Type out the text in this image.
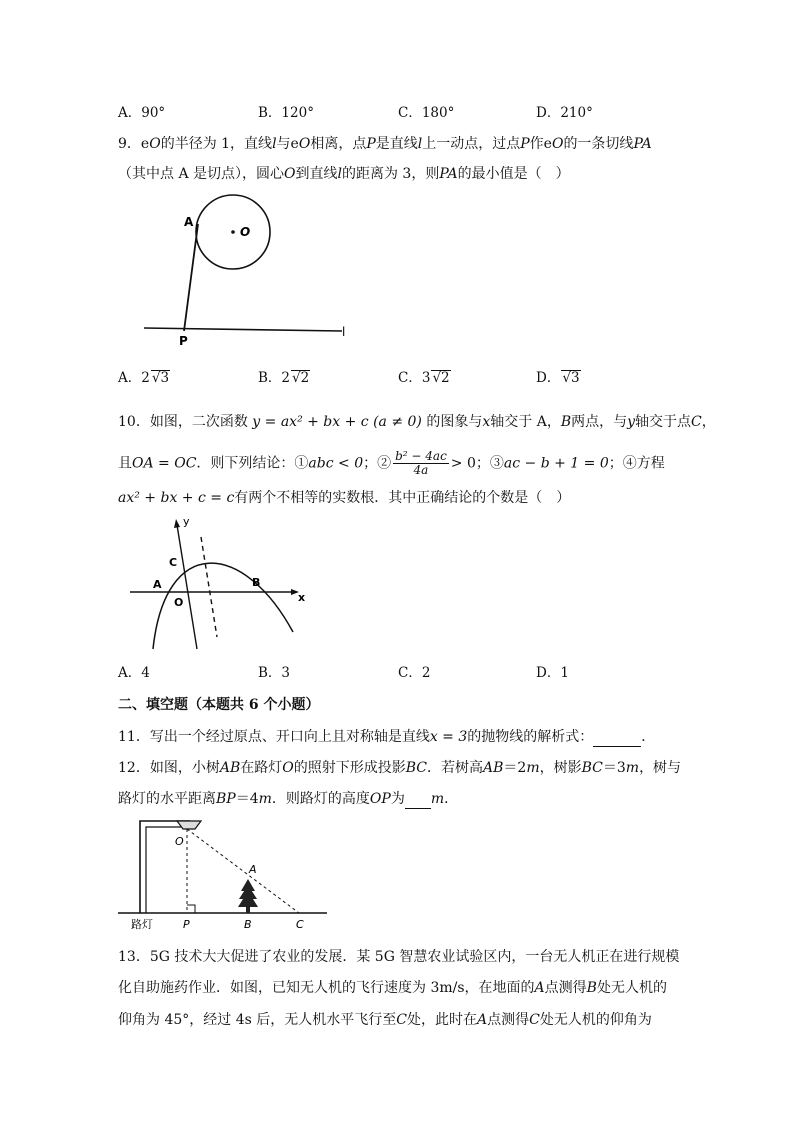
A．90°	B．120°	C．180°	D．210°
9．eO的半径为 1，直线l与eO相离，点P是直线l上一动点，过点P作eO的一条切线PA
（其中点 A 是切点），圆心O到直线l的距离为 3，则PA的最小值是（　）
A
O
P
l
A．2 √3	B．2 √2	C．3 √2	D． √3
10．如图，二次函数 y = ax² + bx + c (a ≠ 0) 的图象与x轴交于 A，B两点，与y轴交于点C，
且OA = OC．则下列结论：①abc < 0；② $\frac{\text{b² − 4ac}}{4a} > 0$；③ac − b + 1 = 0；④方程
ax² + bx + c = c有两个不相等的实数根．其中正确结论的个数是（　）
y
x
C
A	B
O
A．4	B．3	C．2	D．1
二、填空题（本题共 6 个小题）
11．写出一个经过原点、开口向上且对称轴是直线x = 3的抛物线的解析式：	．
12．如图，小树AB在路灯O的照射下形成投影BC．若树高AB＝2m，树影BC＝3m，树与
路灯的水平距离BP＝4m．则路灯的高度OP为 m．
O
A
P	B	C
路灯
13．5G 技术大大促进了农业的发展．某 5G 智慧农业试验区内，一台无人机正在进行规模
化自助施药作业．如图，已知无人机的飞行速度为 3m/s，在地面的A点测得B处无人机的
仰角为 45°，经过 4s 后，无人机水平飞行至C处，此时在A点测得C处无人机的仰角为
